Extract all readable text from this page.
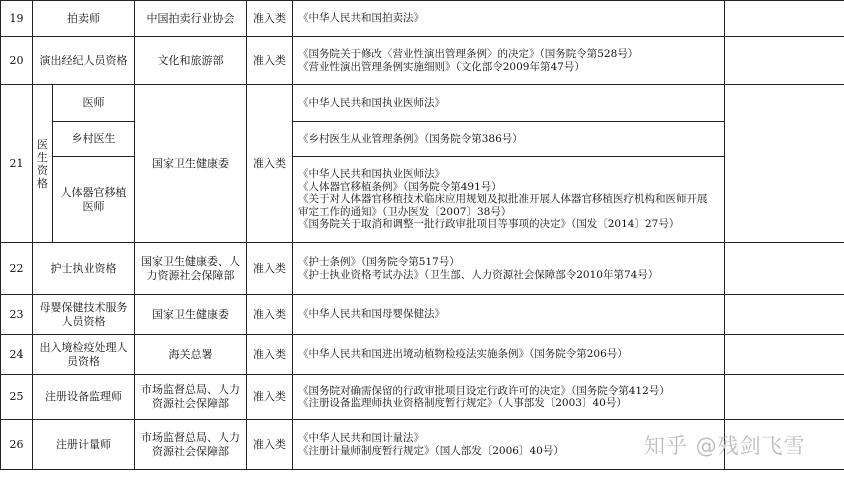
19	拍卖师		中国拍卖行业协会	准入类	《中华人民共和国拍卖法》	

20	演出经纪人员资格		文化和旅游部	准入类	《国务院关于修改〈营业性演出管理条例〉的决定》（国务院令第528号）
《营业性演出管理条例实施细则》（文化部令2009年第47号）	

21	医
生
资
格	医师	国家卫生健康委	准入类	《中华人民共和国执业医师法》	

		乡村医生			《乡村医生从业管理条例》（国务院令第386号）	

		人体器官移植医师			《中华人民共和国执业医师法》
《人体器官移植条例》（国务院令第491号）
《关于对人体器官移植技术临床应用规划及拟批准开展人体器官移植医疗机构和医师开展
审定工作的通知》（卫办医发〔2007〕38号）
《国务院关于取消和调整一批行政审批项目等事项的决定》（国发〔2014〕27号）	

22	护士执业资格		国家卫生健康委、人力资源社会保障部	准入类	《护士条例》（国务院令第517号）
《护士执业资格考试办法》（卫生部、人力资源社会保障部令2010年第74号）	

23	母婴保健技术服务人员资格		国家卫生健康委	准入类	《中华人民共和国母婴保健法》	

24	出入境检疫处理人员资格		海关总署	准入类	《中华人民共和国进出境动植物检疫法实施条例》（国务院令第206号）	

25	注册设备监理师		市场监督总局、人力资源社会保障部	准入类	《国务院对确需保留的行政审批项目设定行政许可的决定》（国务院令第412号）
《注册设备监理师执业资格制度暂行规定》（人事部发〔2003〕40号）	

26	注册计量师		市场监督总局、人力资源社会保障部	准入类	《中华人民共和国计量法》
《注册计量师制度暂行规定》（国人部发〔2006〕40号）	
		知乎 @残剑飞雪
